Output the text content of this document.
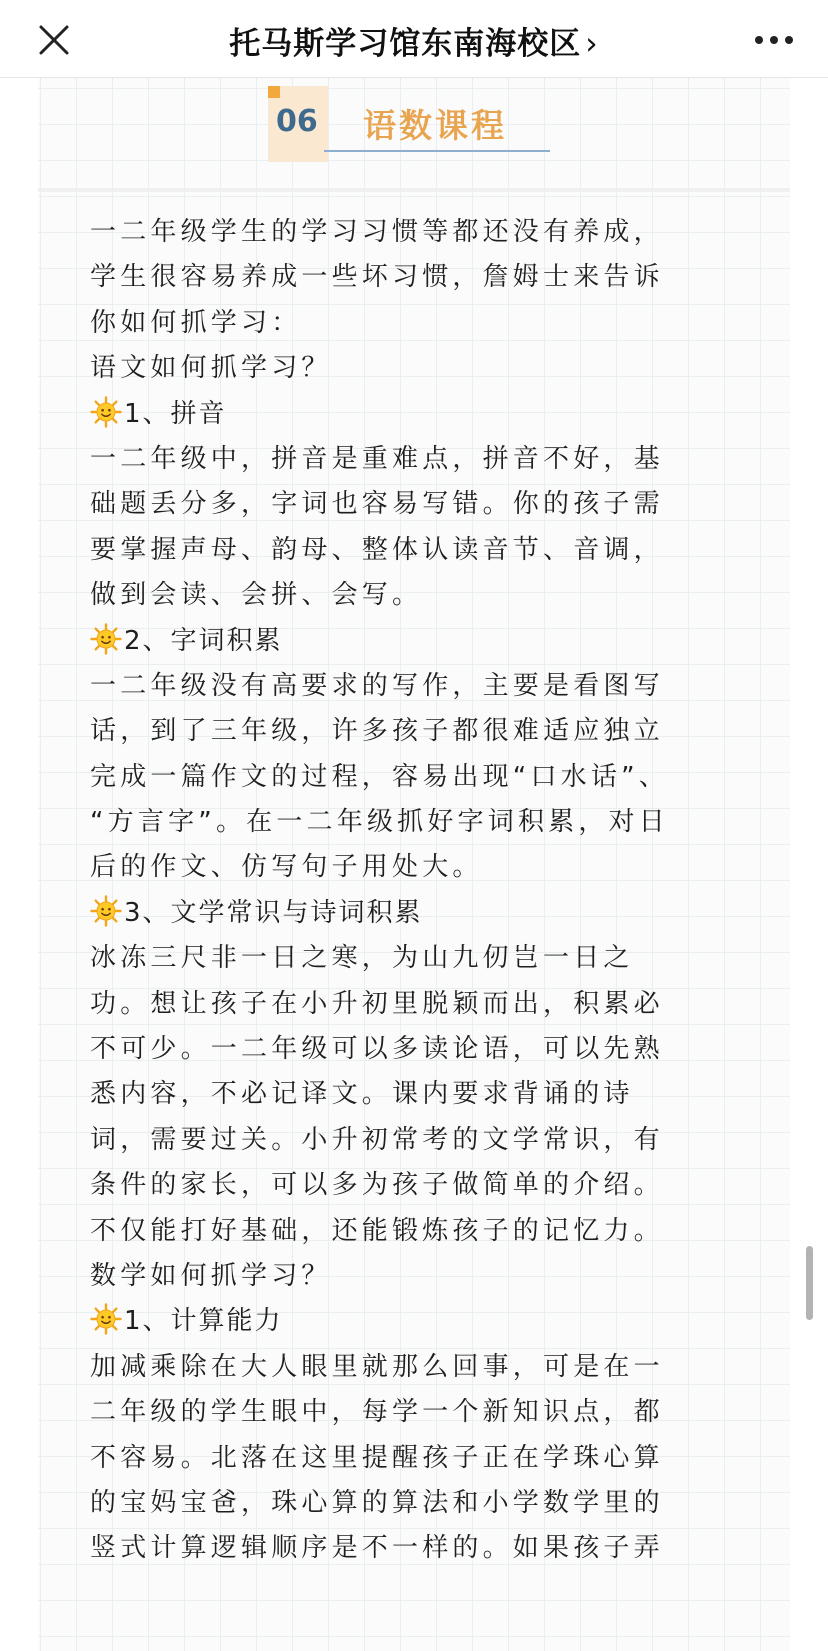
托马斯学习馆东南海校区 ›
06 语数课程
一二年级学生的学习习惯等都还没有养成，
学生很容易养成一些坏习惯，詹姆士来告诉
你如何抓学习：
语文如何抓学习？
1、拼音
一二年级中，拼音是重难点，拼音不好，基
础题丢分多，字词也容易写错。你的孩子需
要掌握声母、韵母、整体认读音节、音调，
做到会读、会拼、会写。
2、字词积累
一二年级没有高要求的写作，主要是看图写
话，到了三年级，许多孩子都很难适应独立
完成一篇作文的过程，容易出现“口水话”、
“方言字”。在一二年级抓好字词积累，对日
后的作文、仿写句子用处大。
3、文学常识与诗词积累
冰冻三尺非一日之寒，为山九仞岂一日之
功。想让孩子在小升初里脱颖而出，积累必
不可少。一二年级可以多读论语，可以先熟
悉内容，不必记译文。课内要求背诵的诗
词，需要过关。小升初常考的文学常识，有
条件的家长，可以多为孩子做简单的介绍。
不仅能打好基础，还能锻炼孩子的记忆力。
数学如何抓学习？
1、计算能力
加减乘除在大人眼里就那么回事，可是在一
二年级的学生眼中，每学一个新知识点，都
不容易。北落在这里提醒孩子正在学珠心算
的宝妈宝爸，珠心算的算法和小学数学里的
竖式计算逻辑顺序是不一样的。如果孩子弄
